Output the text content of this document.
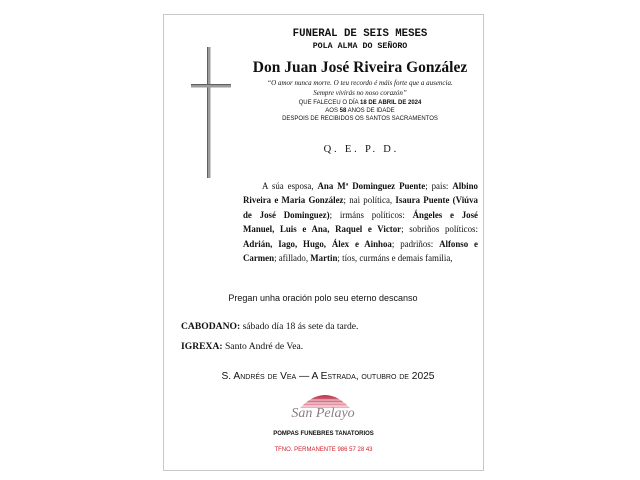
FUNERAL DE SEIS MESES
POLA ALMA DO SEÑORO
Don Juan José Riveira González
“O amor nunca morre. O teu recordo é máis forte que a ausencia.
Sempre vivirás no noso corazón”
QUE FALECEU O DÍA 18 DE ABRIL DE 2024
AOS 58 ANOS DE IDADE
DESPOIS DE RECIBIDOS OS SANTOS SACRAMENTOS
Q. E. P. D.
A súa esposa, Ana Mª Dominguez Puente; pais: Albino
Riveira e Maria González; nai política, Isaura Puente (Viúva
de José Dominguez); irmáns políticos: Ángeles e José
Manuel, Luis e Ana, Raquel e Victor; sobriños políticos:
Adrián, Iago, Hugo, Álex e Ainhoa; padriños: Alfonso e
Carmen; afillado, Martin; tíos, curmáns e demais familia,
Pregan unha oración polo seu eterno descanso
CABODANO: sábado día 18 ás sete da tarde.
IGREXA: Santo André de Vea.
S. Andrés de Vea — A Estrada, outubro de 2025
San Pelayo
POMPAS FUNEBRES TANATORIOS
TFNO. PERMANENTE 986 57 28 43
